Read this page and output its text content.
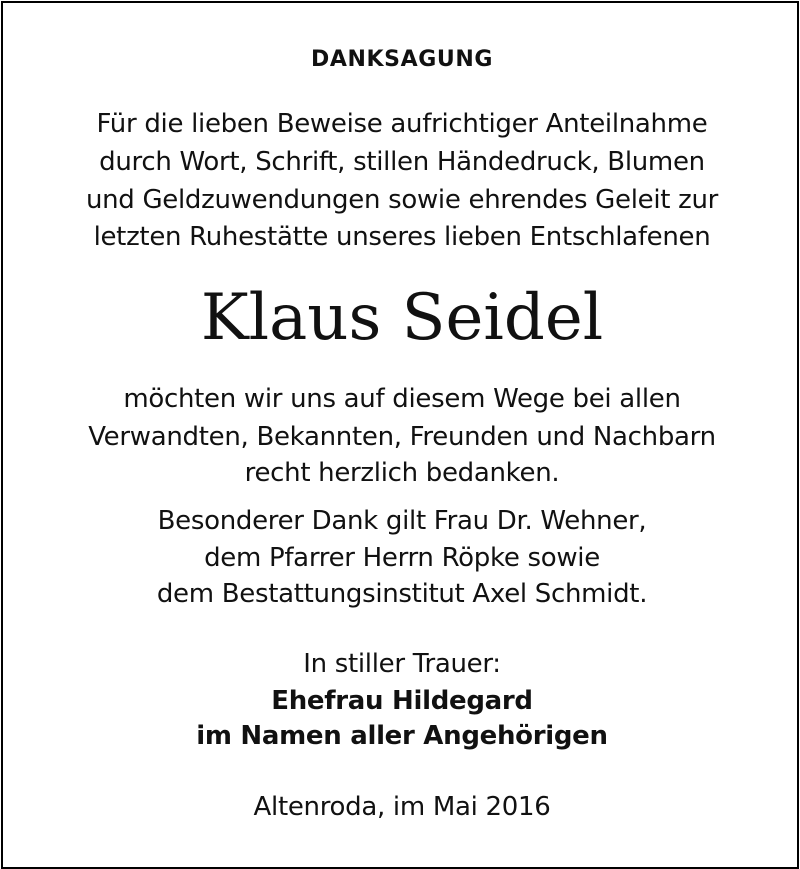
DANKSAGUNG
Für die lieben Beweise aufrichtiger Anteilnahme
durch Wort, Schrift, stillen Händedruck, Blumen
und Geldzuwendungen sowie ehrendes Geleit zur
letzten Ruhestätte unseres lieben Entschlafenen
Klaus Seidel
möchten wir uns auf diesem Wege bei allen
Verwandten, Bekannten, Freunden und Nachbarn
recht herzlich bedanken.
Besonderer Dank gilt Frau Dr. Wehner,
dem Pfarrer Herrn Röpke sowie
dem Bestattungsinstitut Axel Schmidt.
In stiller Trauer:
Ehefrau Hildegard
im Namen aller Angehörigen
Altenroda, im Mai 2016
